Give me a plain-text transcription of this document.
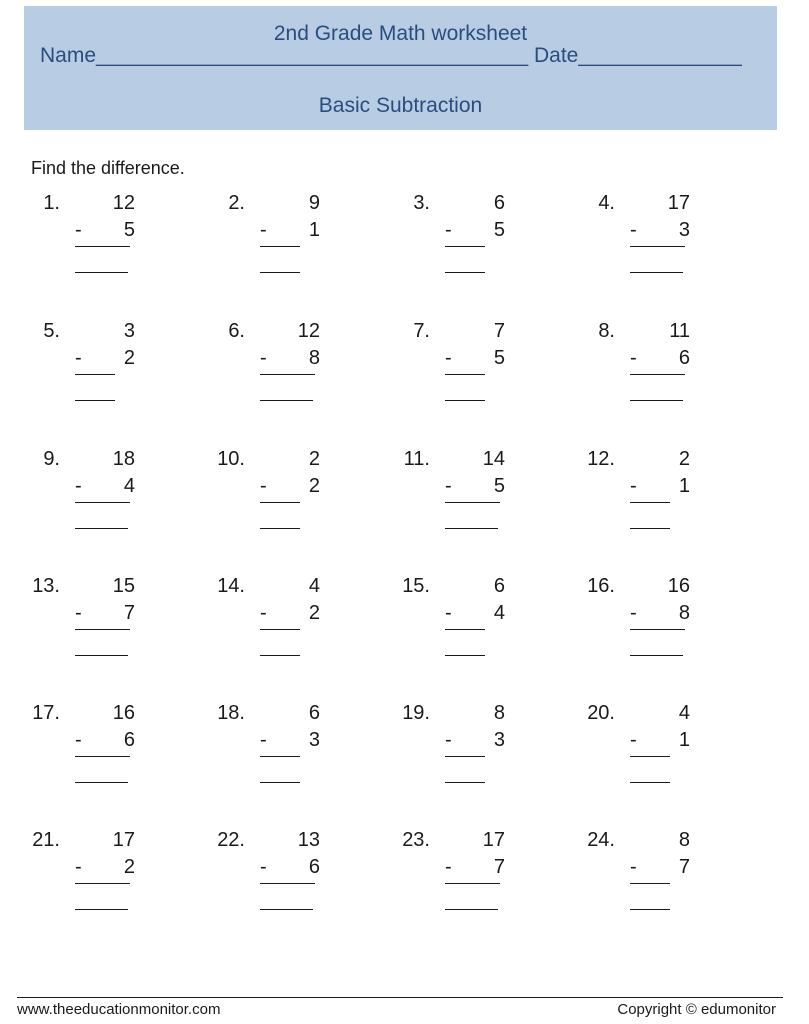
2nd Grade Math worksheet
Name_____________________________________ Date______________
Basic Subtraction
Find the difference.
1.	12
-	5
2.	9
-	1
3.	6
-	5
4.	17
-	3
5.	3
-	2
6.	12
-	8
7.	7
-	5
8.	11
-	6
9.	18
-	4
10.	2
-	2
11.	14
-	5
12.	2
-	1
13.	15
-	7
14.	4
-	2
15.	6
-	4
16.	16
-	8
17.	16
-	6
18.	6
-	3
19.	8
-	3
20.	4
-	1
21.	17
-	2
22.	13
-	6
23.	17
-	7
24.	8
-	7
www.theeducationmonitor.com	Copyright © edumonitor
